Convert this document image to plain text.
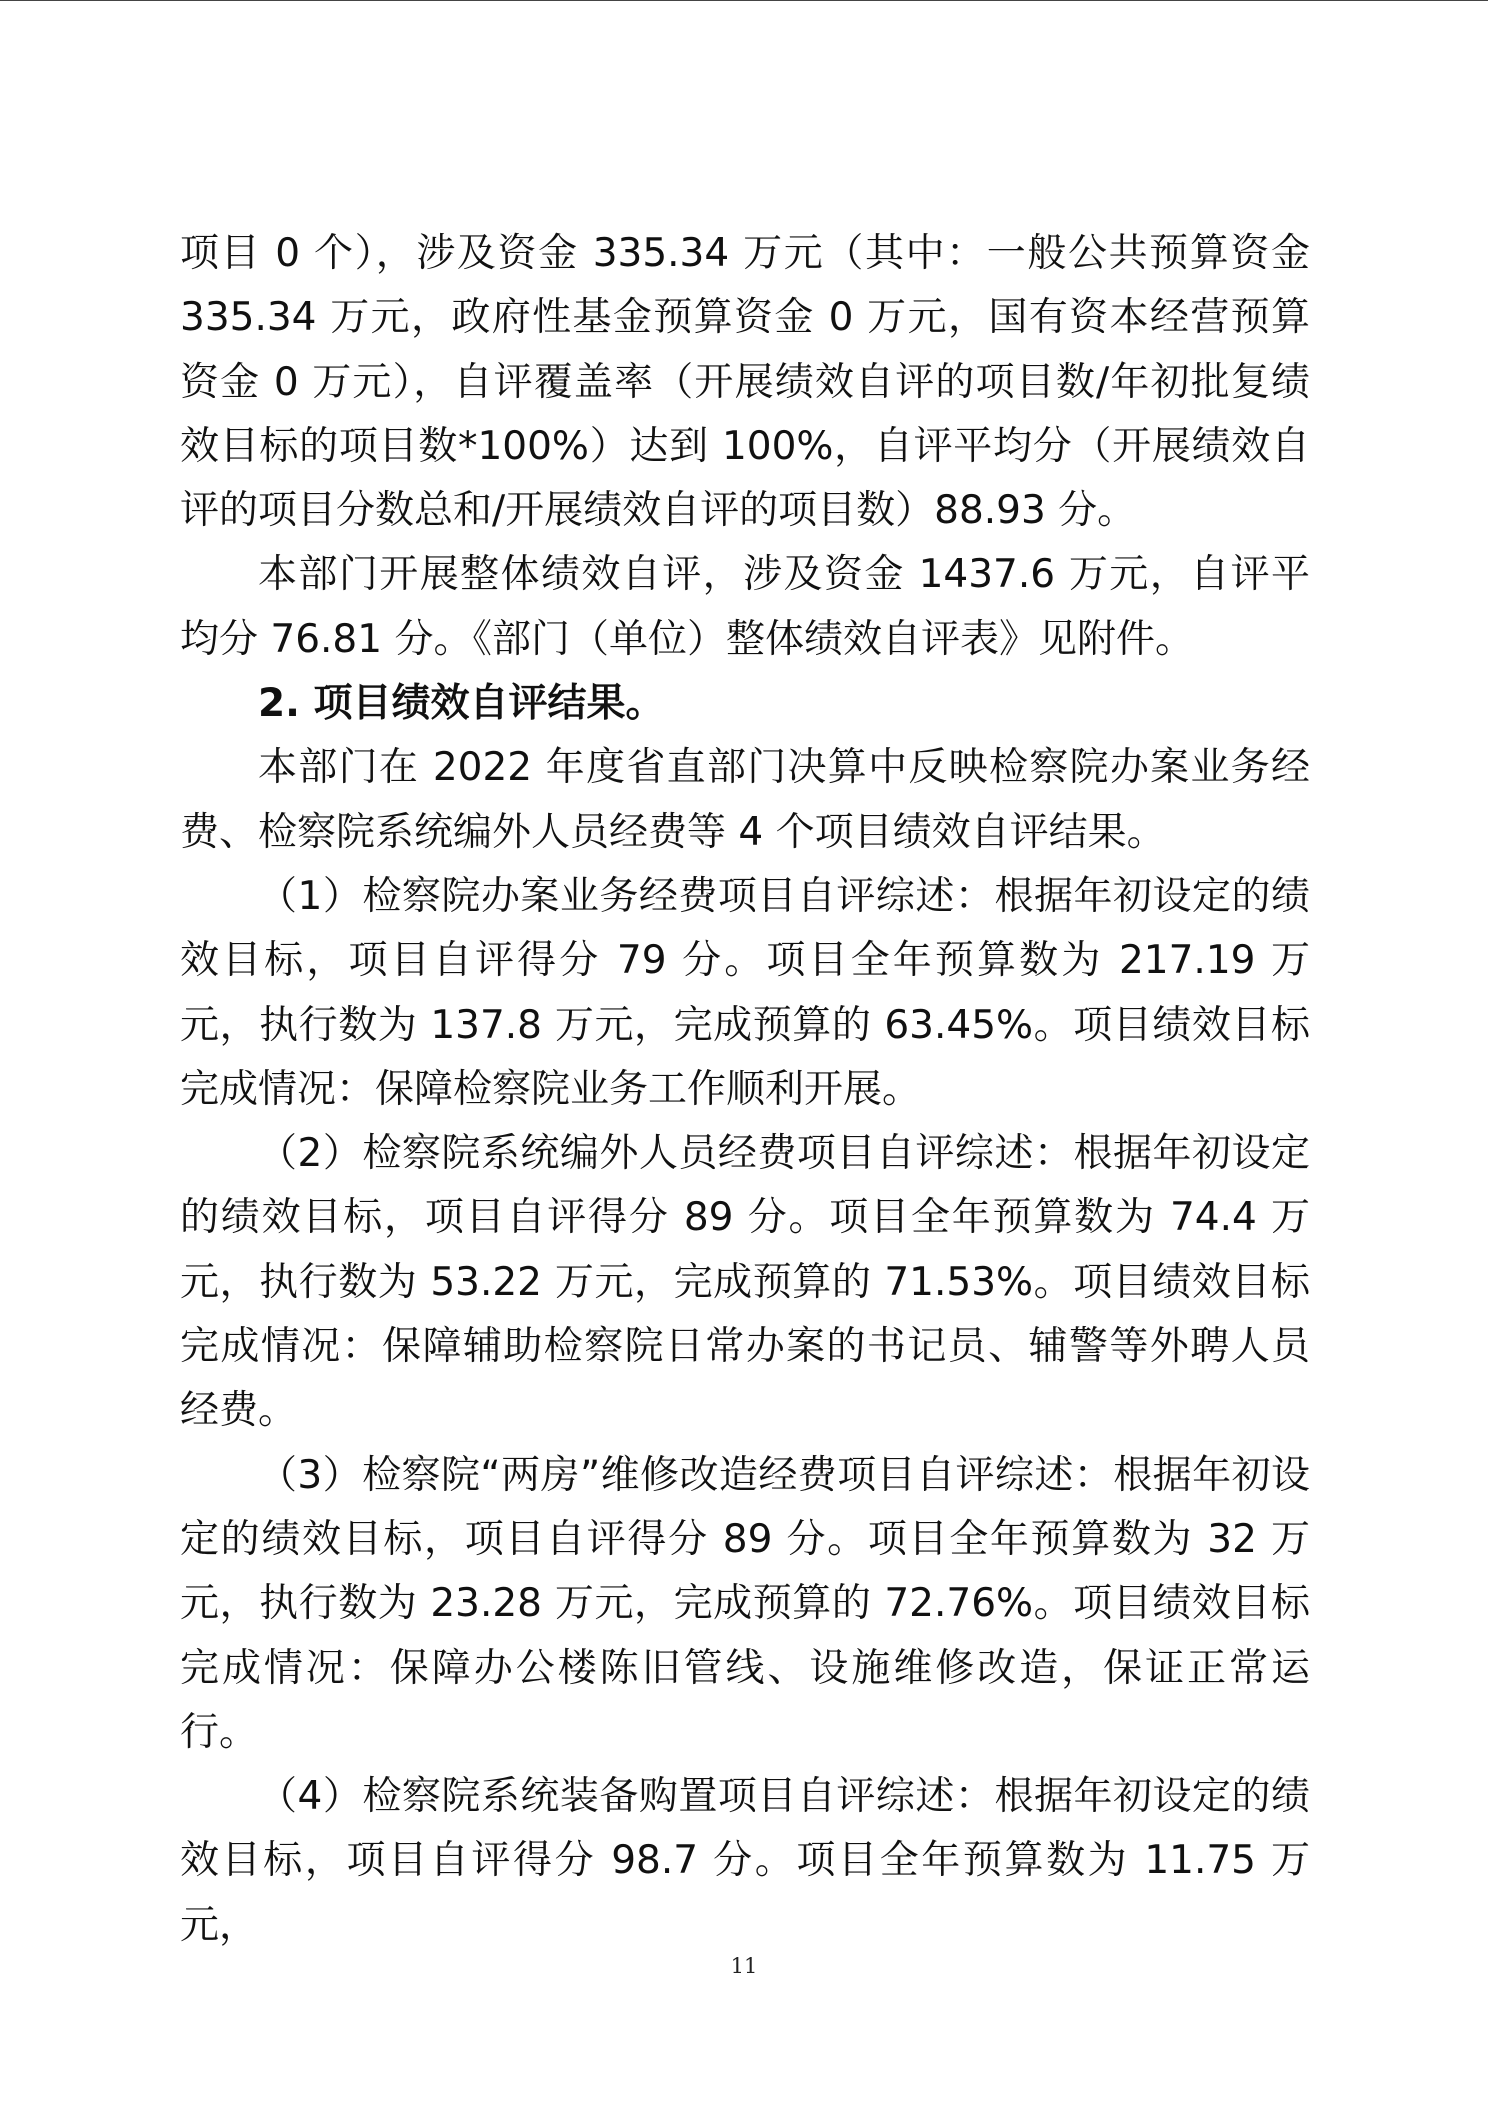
项目 0 个），涉及资金 335.34 万元（其中：一般公共预算资金 335.34 万元，政府性基金预算资金 0 万元，国有资本经营预算资金 0 万元），自评覆盖率（开展绩效自评的项目数/年初批复绩效目标的项目数*100%）达到 100%，自评平均分（开展绩效自评的项目分数总和/开展绩效自评的项目数）88.93 分。

本部门开展整体绩效自评，涉及资金 1437.6 万元，自评平均分 76.81 分。《部门（单位）整体绩效自评表》见附件。

2. 项目绩效自评结果。

本部门在 2022 年度省直部门决算中反映检察院办案业务经费、检察院系统编外人员经费等 4 个项目绩效自评结果。

（1）检察院办案业务经费项目自评综述：根据年初设定的绩效目标，项目自评得分 79 分。项目全年预算数为 217.19 万元，执行数为 137.8 万元，完成预算的 63.45%。项目绩效目标完成情况：保障检察院业务工作顺利开展。

（2）检察院系统编外人员经费项目自评综述：根据年初设定的绩效目标，项目自评得分 89 分。项目全年预算数为 74.4 万元，执行数为 53.22 万元，完成预算的 71.53%。项目绩效目标完成情况：保障辅助检察院日常办案的书记员、辅警等外聘人员经费。

（3）检察院“两房”维修改造经费项目自评综述：根据年初设定的绩效目标，项目自评得分 89 分。项目全年预算数为 32 万元，执行数为 23.28 万元，完成预算的 72.76%。项目绩效目标完成情况：保障办公楼陈旧管线、设施维修改造，保证正常运行。

（4）检察院系统装备购置项目自评综述：根据年初设定的绩效目标，项目自评得分 98.7 分。项目全年预算数为 11.75 万元，

11
